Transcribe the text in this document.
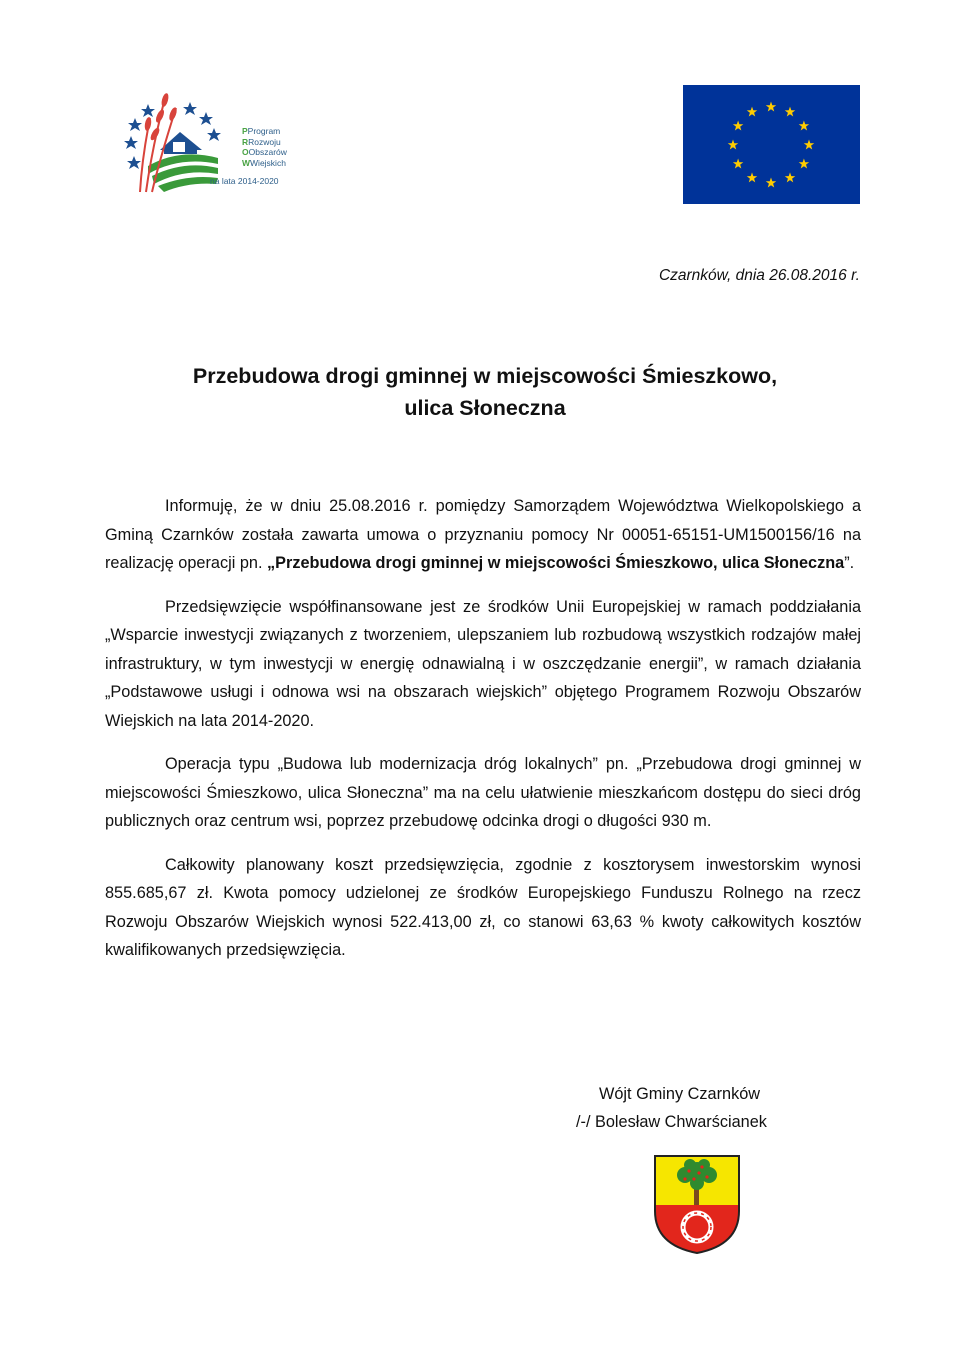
PProgram
RRozwoju
OObszarów
WWiejskich
na lata 2014-2020
Czarnków, dnia 26.08.2016 r.
Przebudowa drogi gminnej w miejscowości Śmieszkowo,
ulica Słoneczna

Informuję, że w dniu 25.08.2016 r. pomiędzy Samorządem Województwa Wielkopolskiego a Gminą Czarnków została zawarta umowa o przyznaniu pomocy Nr 00051-65151-UM1500156/16 na realizację operacji pn. „Przebudowa drogi gminnej w miejscowości Śmieszkowo, ulica Słoneczna”.

Przedsięwzięcie współfinansowane jest ze środków Unii Europejskiej w ramach poddziałania „Wsparcie inwestycji związanych z tworzeniem, ulepszaniem lub rozbudową wszystkich rodzajów małej infrastruktury, w tym inwestycji w energię odnawialną i w oszczędzanie energii”, w ramach działania „Podstawowe usługi i odnowa wsi na obszarach wiejskich” objętego Programem Rozwoju Obszarów Wiejskich na lata 2014-2020.

Operacja typu „Budowa lub modernizacja dróg lokalnych” pn. „Przebudowa drogi gminnej w miejscowości Śmieszkowo, ulica Słoneczna” ma na celu ułatwienie mieszkańcom dostępu do sieci dróg publicznych oraz centrum wsi, poprzez przebudowę odcinka drogi o długości 930 m.

Całkowity planowany koszt przedsięwzięcia, zgodnie z kosztorysem inwestorskim wynosi 855.685,67 zł. Kwota pomocy udzielonej ze środków Europejskiego Funduszu Rolnego na rzecz Rozwoju Obszarów Wiejskich wynosi 522.413,00 zł, co stanowi 63,63 % kwoty całkowitych kosztów kwalifikowanych przedsięwzięcia.

Wójt Gminy Czarnków
/-/ Bolesław Chwarścianek
